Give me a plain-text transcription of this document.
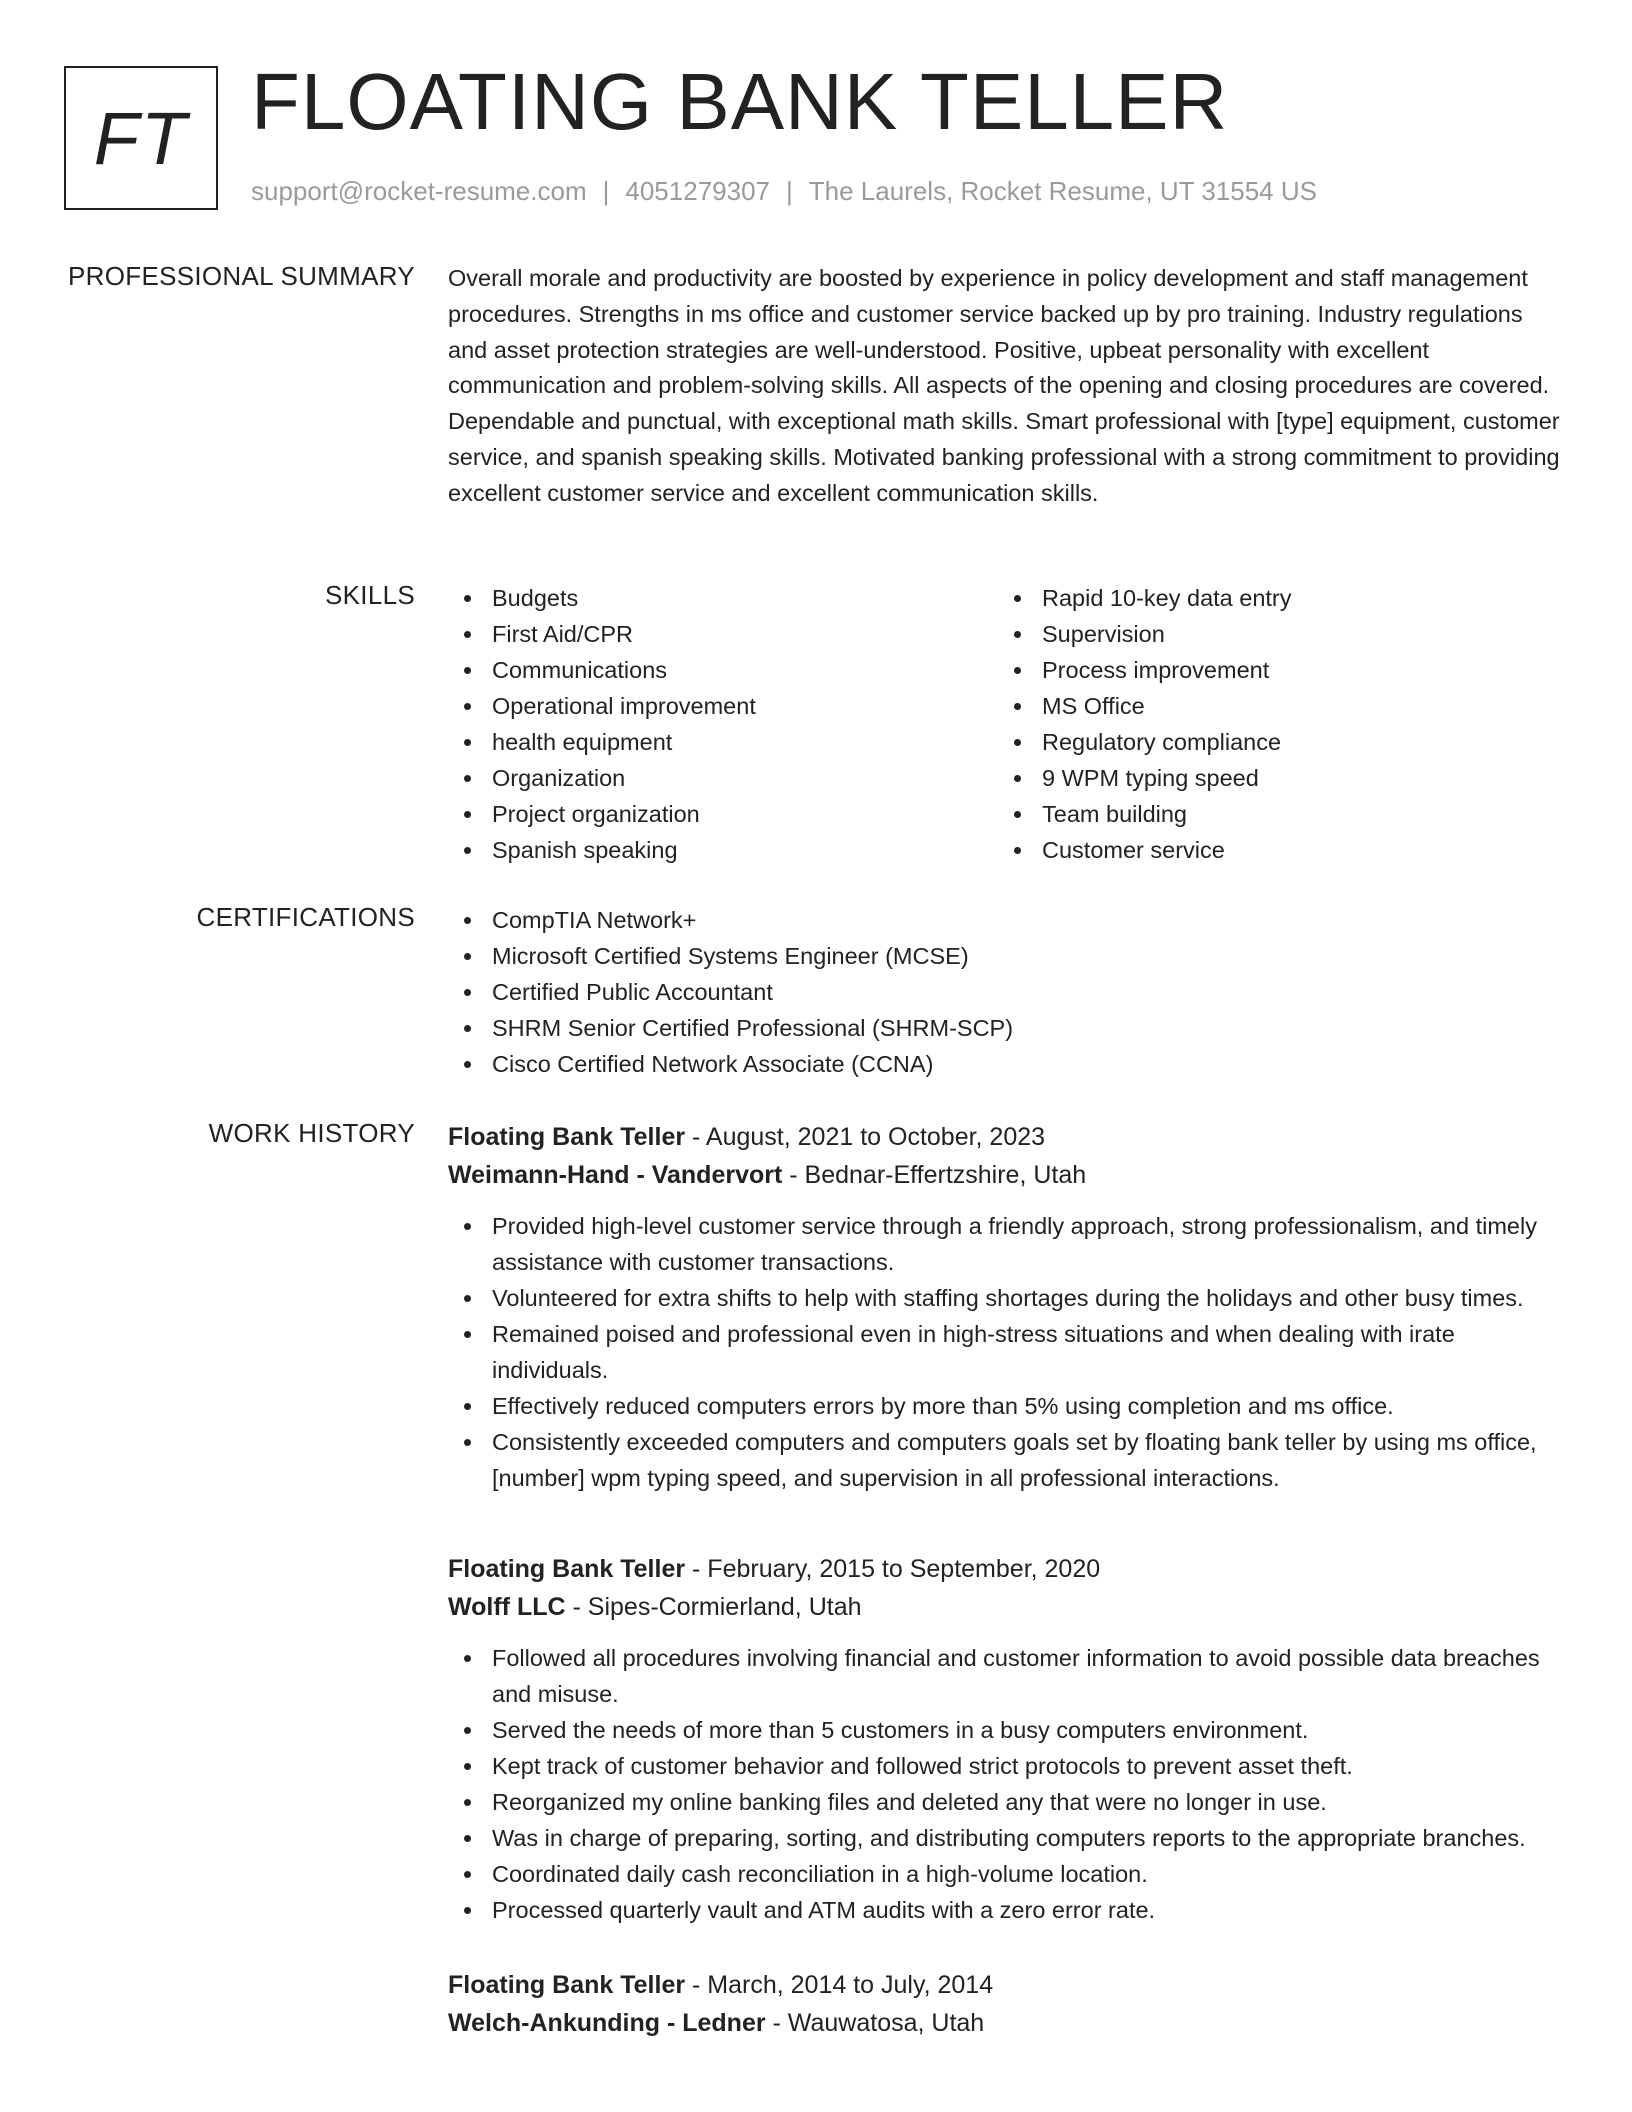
FT FLOATING BANK TELLER
support@rocket-resume.com | 4051279307 | The Laurels, Rocket Resume, UT 31554 US
PROFESSIONAL SUMMARY Overall morale and productivity are boosted by experience in policy development and staff management procedures. Strengths in ms office and customer service backed up by pro training. Industry regulations and asset protection strategies are well-understood. Positive, upbeat personality with excellent communication and problem-solving skills. All aspects of the opening and closing procedures are covered. Dependable and punctual, with exceptional math skills. Smart professional with [type] equipment, customer service, and spanish speaking skills. Motivated banking professional with a strong commitment to providing excellent customer service and excellent communication skills.
SKILLS	Budgets
First Aid/CPR
Communications
Operational improvement
health equipment
Organization
Project organization
Spanish speaking
Rapid 10-key data entry
Supervision
Process improvement
MS Office
Regulatory compliance
9 WPM typing speed
Team building
Customer service
CERTIFICATIONS	CompTIA Network+
Microsoft Certified Systems Engineer (MCSE)
Certified Public Accountant
SHRM Senior Certified Professional (SHRM-SCP)
Cisco Certified Network Associate (CCNA)
WORK HISTORY Floating Bank Teller - August, 2021 to October, 2023
Weimann-Hand - Vandervort - Bednar-Effertzshire, Utah
Provided high-level customer service through a friendly approach, strong professionalism, and timely assistance with customer transactions.
Volunteered for extra shifts to help with staffing shortages during the holidays and other busy times.
Remained poised and professional even in high-stress situations and when dealing with irate individuals.
Effectively reduced computers errors by more than 5% using completion and ms office.
Consistently exceeded computers and computers goals set by floating bank teller by using ms office, [number] wpm typing speed, and supervision in all professional interactions.
Floating Bank Teller - February, 2015 to September, 2020
Wolff LLC - Sipes-Cormierland, Utah
Followed all procedures involving financial and customer information to avoid possible data breaches and misuse.
Served the needs of more than 5 customers in a busy computers environment.
Kept track of customer behavior and followed strict protocols to prevent asset theft.
Reorganized my online banking files and deleted any that were no longer in use.
Was in charge of preparing, sorting, and distributing computers reports to the appropriate branches.
Coordinated daily cash reconciliation in a high-volume location.
Processed quarterly vault and ATM audits with a zero error rate.
Floating Bank Teller - March, 2014 to July, 2014
Welch-Ankunding - Ledner - Wauwatosa, Utah
